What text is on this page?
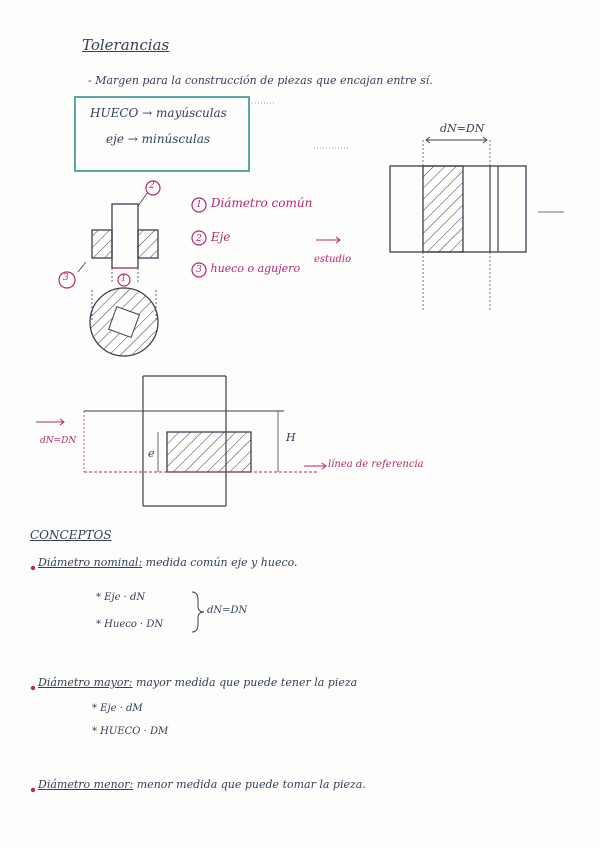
Tolerancias
- Margen para la construcción de piezas que encajan entre sí.
HUECO → mayúsculas
eje → minúsculas
1 Diámetro común
2 Eje
3 hueco o agujero
2
3	1
estudio
dN=DN
dN=DN
línea de referencia
e
H
CONCEPTOS
Diámetro nominal: medida común eje y hueco.
* Eje · dN
* Hueco · DN
dN=DN
Diámetro mayor: mayor medida que puede tener la pieza
* Eje · dM
* HUECO · DM
Diámetro menor: menor medida que puede tomar la pieza.
